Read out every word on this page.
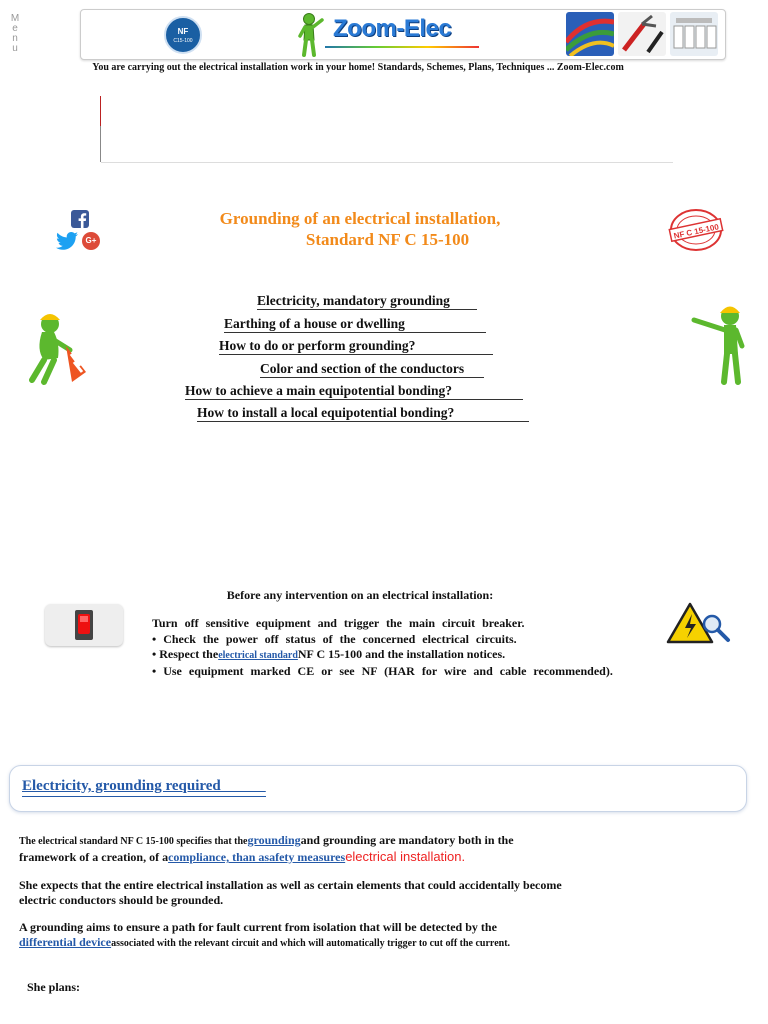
M
e
n
u
NF
C15-100	Zoom-Elec
You are carrying out the electrical installation work in your home! Standards, Schemes, Plans, Techniques ... Zoom-Elec.com
G+
Grounding of an electrical installation,
Standard NF C 15-100	NF C 15-100
Electricity, mandatory grounding
Earthing of a house or dwelling
How to do or perform grounding?
Color and section of the conductors
How to achieve a main equipotential bonding?
How to install a local equipotential bonding?
Before any intervention on an electrical installation:
Turn off sensitive equipment and trigger the main circuit breaker.
• Check the power off status of the concerned electrical circuits.
• Respect theelectrical standardNF C 15-100 and the installation notices.
• Use equipment marked CE or see NF (HAR for wire and cable recommended).
Electricity, grounding required
The electrical standard NF C 15-100 specifies that thegroundingand grounding are mandatory both in the
framework of a creation, of acompliance, than asafety measureselectrical installation.
She expects that the entire electrical installation as well as certain elements that could accidentally become
electric conductors should be grounded.
A grounding aims to ensure a path for fault current from isolation that will be detected by the
differential deviceassociated with the relevant circuit and which will automatically trigger to cut off the current.
She plans:
